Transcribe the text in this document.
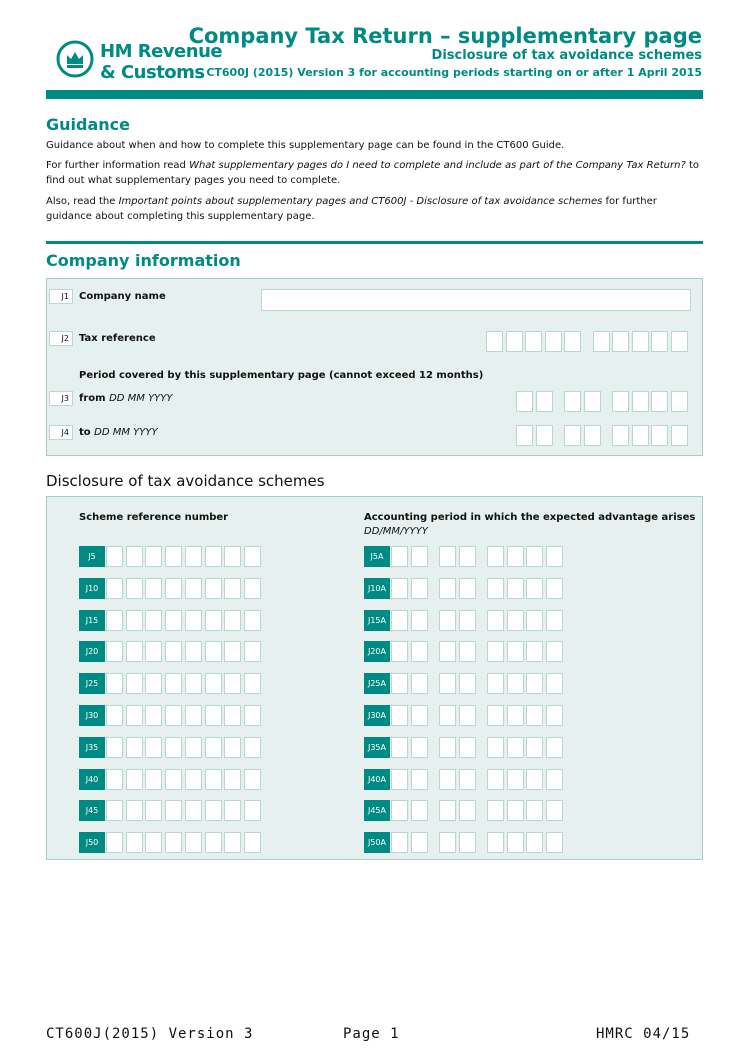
HM Revenue
& Customs
Company Tax Return – supplementary page
Disclosure of tax avoidance schemes
CT600J (2015) Version 3 for accounting periods starting on or after 1 April 2015
Guidance

Guidance about when and how to complete this supplementary page can be found in the CT600 Guide.

For further information read What supplementary pages do I need to complete and include as part of the Company Tax Return? to find out what supplementary pages you need to complete.

Also, read the Important points about supplementary pages and CT600J - Disclosure of tax avoidance schemes for further guidance about completing this supplementary page.

Company information
J1	Company name
J2	Tax reference
Period covered by this supplementary page (cannot exceed 12 months)
J3	from DD MM YYYY
J4	to DD MM YYYY
Disclosure of tax avoidance schemes
Scheme reference number	Accounting period in which the expected advantage arises
DD/MM/YYYY
J5	J5A
J10	J10A
J15	J15A
J20	J20A
J25	J25A
J30	J30A
J35	J35A
J40	J40A
J45	J45A
J50	J50A
CT600J(2015) Version 3	Page 1	HMRC 04/15
